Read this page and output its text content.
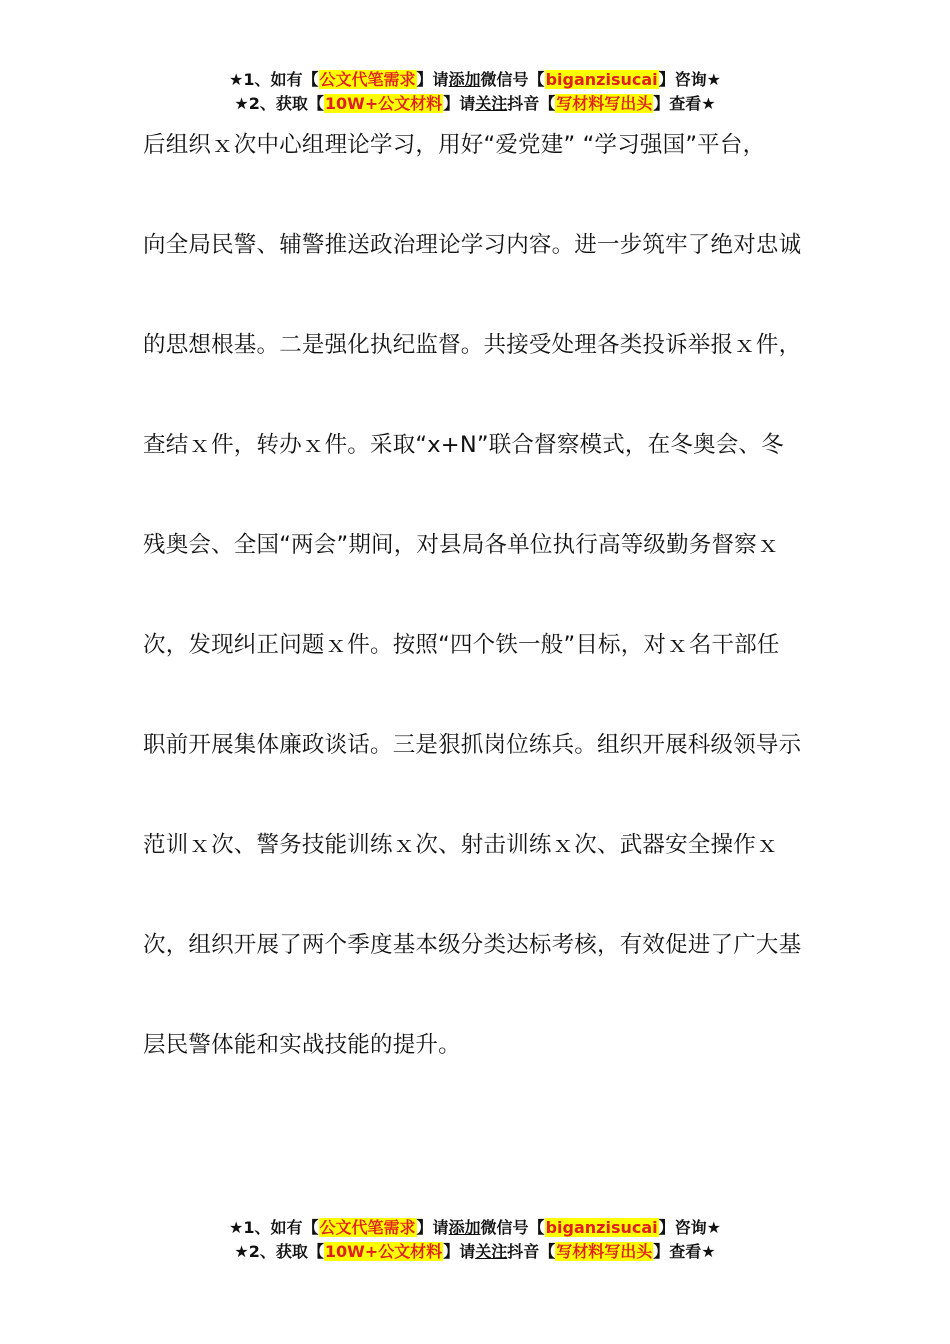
★1、如有【公文代笔需求】请添加微信号【biganzisucai】咨询★
★2、获取【10W+公文材料】请关注抖音【写材料写出头】查看★
后组织ｘ次中心组理论学习，用好“爱党建” “学习强国”平台，
向全局民警、辅警推送政治理论学习内容。进一步筑牢了绝对忠诚
的思想根基。二是强化执纪监督。共接受处理各类投诉举报ｘ件，
查结ｘ件，转办ｘ件。采取“x+N”联合督察模式，在冬奥会、冬
残奥会、全国“两会”期间，对县局各单位执行高等级勤务督察ｘ
次，发现纠正问题ｘ件。按照“四个铁一般”目标，对ｘ名干部任
职前开展集体廉政谈话。三是狠抓岗位练兵。组织开展科级领导示
范训ｘ次、警务技能训练ｘ次、射击训练ｘ次、武器安全操作ｘ
次，组织开展了两个季度基本级分类达标考核，有效促进了广大基
层民警体能和实战技能的提升。
★1、如有【公文代笔需求】请添加微信号【biganzisucai】咨询★
★2、获取【10W+公文材料】请关注抖音【写材料写出头】查看★
